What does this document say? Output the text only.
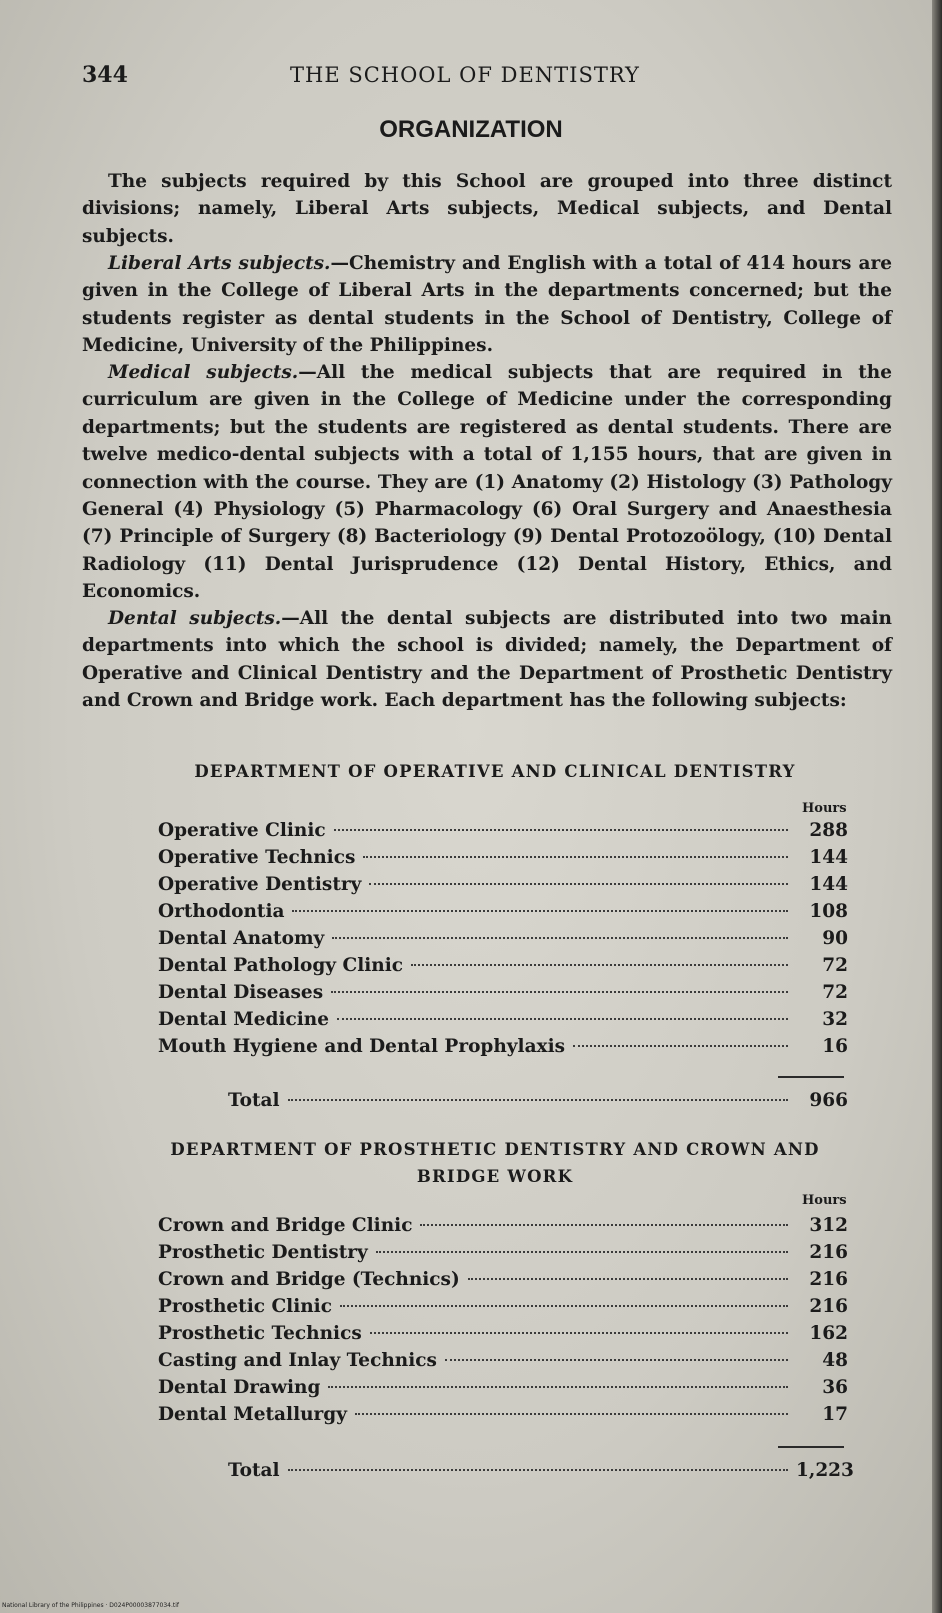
344	THE SCHOOL OF DENTISTRY
ORGANIZATION
The subjects required by this School are grouped into three distinct divisions; namely, Liberal Arts subjects, Medical subjects, and Dental subjects.
Liberal Arts subjects.—Chemistry and English with a total of 414 hours are given in the College of Liberal Arts in the departments concerned; but the students register as dental students in the School of Dentistry, College of Medicine, University of the Philippines.
Medical subjects.—All the medical subjects that are required in the curriculum are given in the College of Medicine under the corresponding departments; but the students are registered as dental students. There are twelve medico-dental subjects with a total of 1,155 hours, that are given in connection with the course. They are (1) Anatomy (2) Histology (3) Pathology General (4) Physiology (5) Pharmacology (6) Oral Surgery and Anaesthesia (7) Principle of Surgery (8) Bacteriology (9) Dental Protozoölogy, (10) Dental Radiology (11) Dental Jurisprudence (12) Dental History, Ethics, and Economics.
Dental subjects.—All the dental subjects are distributed into two main departments into which the school is divided; namely, the Department of Operative and Clinical Dentistry and the Department of Prosthetic Dentistry and Crown and Bridge work. Each department has the following subjects:
DEPARTMENT OF OPERATIVE AND CLINICAL DENTISTRY
Hours
Operative Clinic	288
Operative Technics	144
Operative Dentistry	144
Orthodontia	108
Dental Anatomy	90
Dental Pathology Clinic	72
Dental Diseases	72
Dental Medicine	32
Mouth Hygiene and Dental Prophylaxis	16
Total	966
DEPARTMENT OF PROSTHETIC DENTISTRY AND CROWN AND
BRIDGE WORK
Hours
Crown and Bridge Clinic	312
Prosthetic Dentistry	216
Crown and Bridge (Technics)	216
Prosthetic Clinic	216
Prosthetic Technics	162
Casting and Inlay Technics	48
Dental Drawing	36
Dental Metallurgy	17
Total	1,223
National Library of the Philippines · D024P00003877034.tif
